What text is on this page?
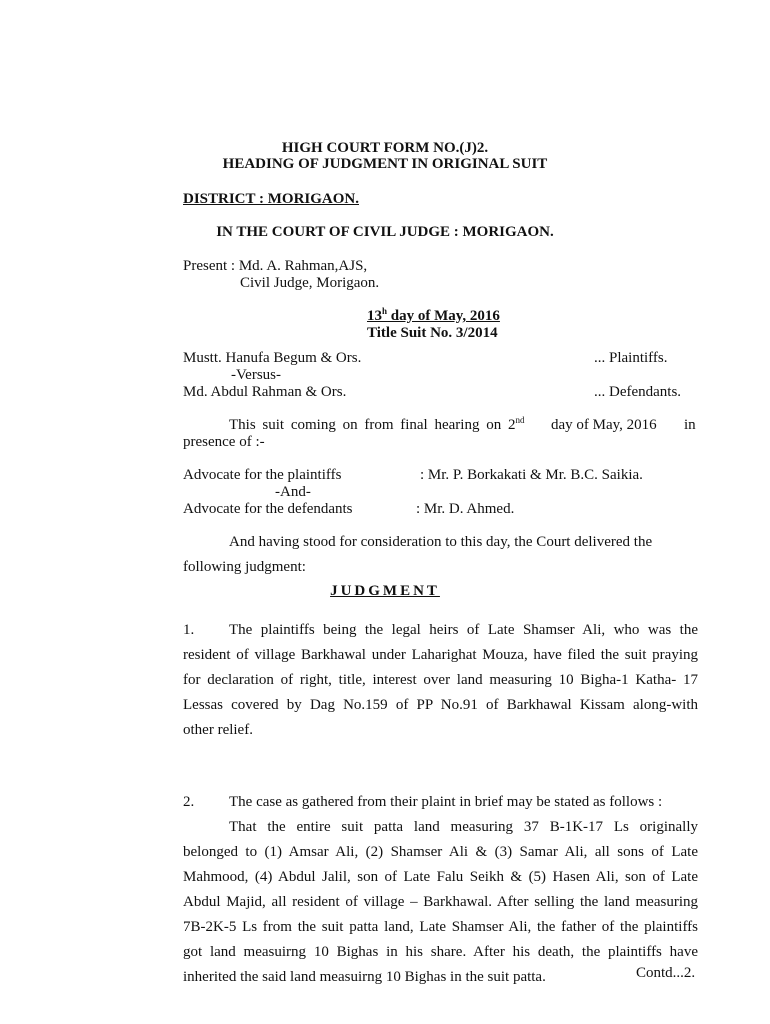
HIGH COURT FORM NO.(J)2.
HEADING OF JUDGMENT IN ORIGINAL SUIT
DISTRICT : MORIGAON.
IN THE COURT OF CIVIL JUDGE : MORIGAON.
Present : Md. A. Rahman,AJS,
Civil Judge, Morigaon.
13$^h$ day of May, 2016
Title Suit No. 3/2014
Mustt. Hanufa Begum & Ors.	... Plaintiffs.
-Versus-
Md. Abdul Rahman & Ors.	... Defendants.
This suit coming on from final hearing on 2nd day of May, 2016 in
presence of :-
Advocate for the plaintiffs	: Mr. P. Borkakati & Mr. B.C. Saikia.
-And-
Advocate for the defendants	: Mr. D. Ahmed.
And having stood for consideration to this day, the Court delivered the
following judgment:
JUDGMENT

1. The plaintiffs being the legal heirs of Late Shamser Ali, who was the

resident of village Barkhawal under Laharighat Mouza, have filed the suit praying

for declaration of right, title, interest over land measuring 10 Bigha-1 Katha- 17

Lessas covered by Dag No.159 of PP No.91 of Barkhawal Kissam along-with

other relief.

2. The case as gathered from their plaint in brief may be stated as follows :

That the entire suit patta land measuring 37 B-1K-17 Ls originally

belonged to (1) Amsar Ali, (2) Shamser Ali & (3) Samar Ali, all sons of Late

Mahmood, (4) Abdul Jalil, son of Late Falu Seikh & (5) Hasen Ali, son of Late

Abdul Majid, all resident of village – Barkhawal. After selling the land measuring

7B-2K-5 Ls from the suit patta land, Late Shamser Ali, the father of the plaintiffs

got land measuirng 10 Bighas in his share. After his death, the plaintiffs have

inherited the said land measuirng 10 Bighas in the suit patta.	Contd...2.
